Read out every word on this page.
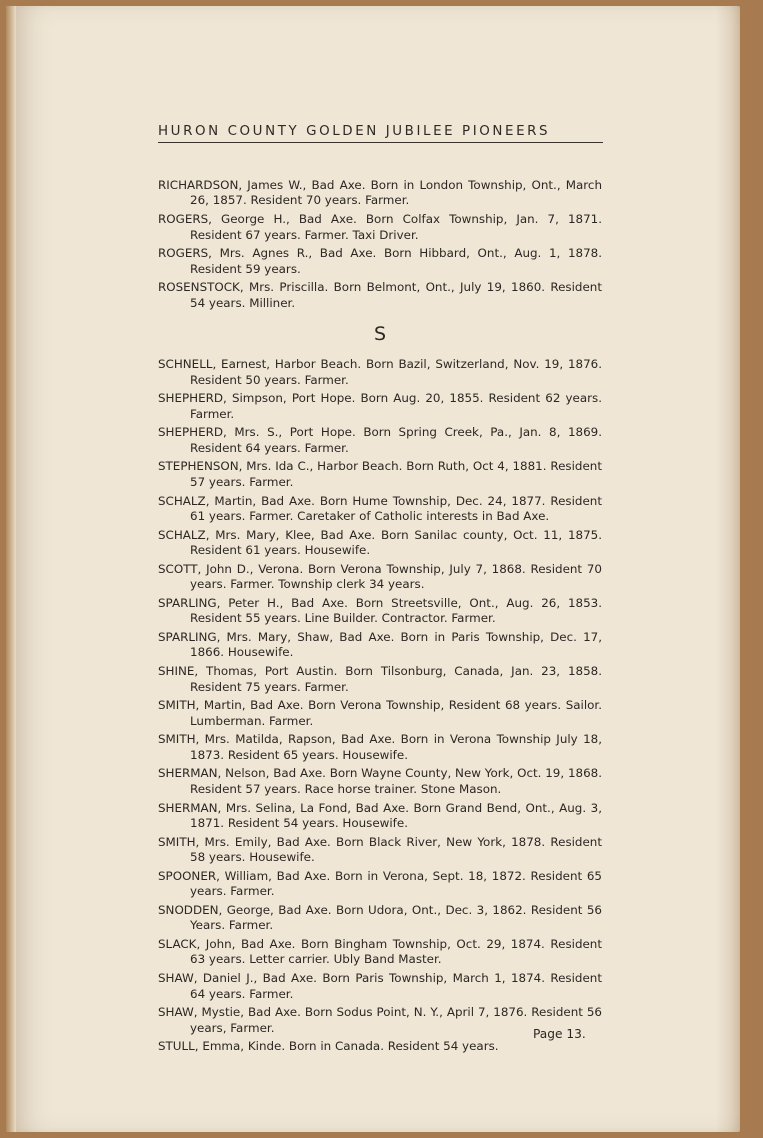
HURON COUNTY GOLDEN JUBILEE PIONEERS

RICHARDSON, James W., Bad Axe. Born in London Township, Ont., March 26, 1857. Resident 70 years. Farmer.

ROGERS, George H., Bad Axe. Born Colfax Township, Jan. 7, 1871. Resident 67 years. Farmer. Taxi Driver.

ROGERS, Mrs. Agnes R., Bad Axe. Born Hibbard, Ont., Aug. 1, 1878. Resident 59 years.

ROSENSTOCK, Mrs. Priscilla. Born Belmont, Ont., July 19, 1860. Resident 54 years. Milliner.

S

SCHNELL, Earnest, Harbor Beach. Born Bazil, Switzerland, Nov. 19, 1876. Resident 50 years. Farmer.

SHEPHERD, Simpson, Port Hope. Born Aug. 20, 1855. Resident 62 years. Farmer.

SHEPHERD, Mrs. S., Port Hope. Born Spring Creek, Pa., Jan. 8, 1869. Resident 64 years. Farmer.

STEPHENSON, Mrs. Ida C., Harbor Beach. Born Ruth, Oct 4, 1881. Resident 57 years. Farmer.

SCHALZ, Martin, Bad Axe. Born Hume Township, Dec. 24, 1877. Resident 61 years. Farmer. Caretaker of Catholic interests in Bad Axe.

SCHALZ, Mrs. Mary, Klee, Bad Axe. Born Sanilac county, Oct. 11, 1875. Resident 61 years. Housewife.

SCOTT, John D., Verona. Born Verona Township, July 7, 1868. Resident 70 years. Farmer. Township clerk 34 years.

SPARLING, Peter H., Bad Axe. Born Streetsville, Ont., Aug. 26, 1853. Resident 55 years. Line Builder. Contractor. Farmer.

SPARLING, Mrs. Mary, Shaw, Bad Axe. Born in Paris Township, Dec. 17, 1866. Housewife.

SHINE, Thomas, Port Austin. Born Tilsonburg, Canada, Jan. 23, 1858. Resident 75 years. Farmer.

SMITH, Martin, Bad Axe. Born Verona Township, Resident 68 years. Sailor. Lumberman. Farmer.

SMITH, Mrs. Matilda, Rapson, Bad Axe. Born in Verona Township July 18, 1873. Resident 65 years. Housewife.

SHERMAN, Nelson, Bad Axe. Born Wayne County, New York, Oct. 19, 1868. Resident 57 years. Race horse trainer. Stone Mason.

SHERMAN, Mrs. Selina, La Fond, Bad Axe. Born Grand Bend, Ont., Aug. 3, 1871. Resident 54 years. Housewife.

SMITH, Mrs. Emily, Bad Axe. Born Black River, New York, 1878. Resident 58 years. Housewife.

SPOONER, William, Bad Axe. Born in Verona, Sept. 18, 1872. Resident 65 years. Farmer.

SNODDEN, George, Bad Axe. Born Udora, Ont., Dec. 3, 1862. Resident 56 Years. Farmer.

SLACK, John, Bad Axe. Born Bingham Township, Oct. 29, 1874. Resident 63 years. Letter carrier. Ubly Band Master.

SHAW, Daniel J., Bad Axe. Born Paris Township, March 1, 1874. Resident 64 years. Farmer.

SHAW, Mystie, Bad Axe. Born Sodus Point, N. Y., April 7, 1876. Resident 56 years, Farmer.

STULL, Emma, Kinde. Born in Canada. Resident 54 years.

Page 13.
